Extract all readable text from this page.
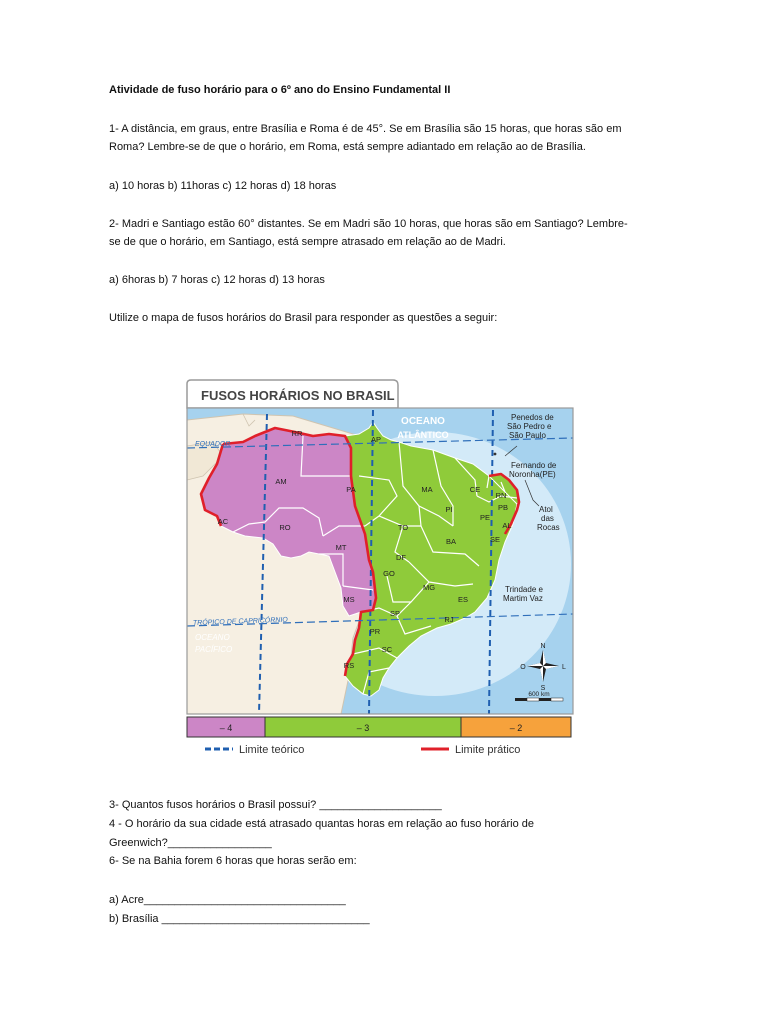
Atividade de fuso horário para o 6º ano do Ensino Fundamental II
1- A distância, em graus, entre Brasília e Roma é de 45°. Se em Brasília são 15 horas, que horas são em
Roma? Lembre-se de que o horário, em Roma, está sempre adiantado em relação ao de Brasília.
a) 10 horas b) 11horas c) 12 horas d) 18 horas
2- Madri e Santiago estão 60° distantes. Se em Madri são 10 horas, que horas são em Santiago? Lembre-
se de que o horário, em Santiago, está sempre atrasado em relação ao de Madri.
a) 6horas b) 7 horas c) 12 horas d) 13 horas
Utilize o mapa de fusos horários do Brasil para responder as questões a seguir:
FUSOS HORÁRIOS NO BRASIL
EQUADOR
TRÓPICO DE CAPRICÓRNIO
OCEANO
ATLÂNTICO
OCEANO
PACÍFICO
Penedos de
São Pedro e
São Paulo
Fernando de
Noronha(PE)
Atol
das
Rocas
Trindade e
Martim Vaz
RR
AM
AC
RO
MT
MS
AP
PA	MA
PI
CE
RN
PB
PE
AL
SE
BA
TO
DF
GO
MG
ES
RJ
SP
PR
SC
RS
N
S
O	L
600 km
– 4	– 3	– 2
Limite teórico	Limite prático
3- Quantos fusos horários o Brasil possui? ____________________
4 - O horário da sua cidade está atrasado quantas horas em relação ao fuso horário de
Greenwich?_________________
6- Se na Bahia forem 6 horas que horas serão em:
a) Acre_________________________________
b) Brasília __________________________________
